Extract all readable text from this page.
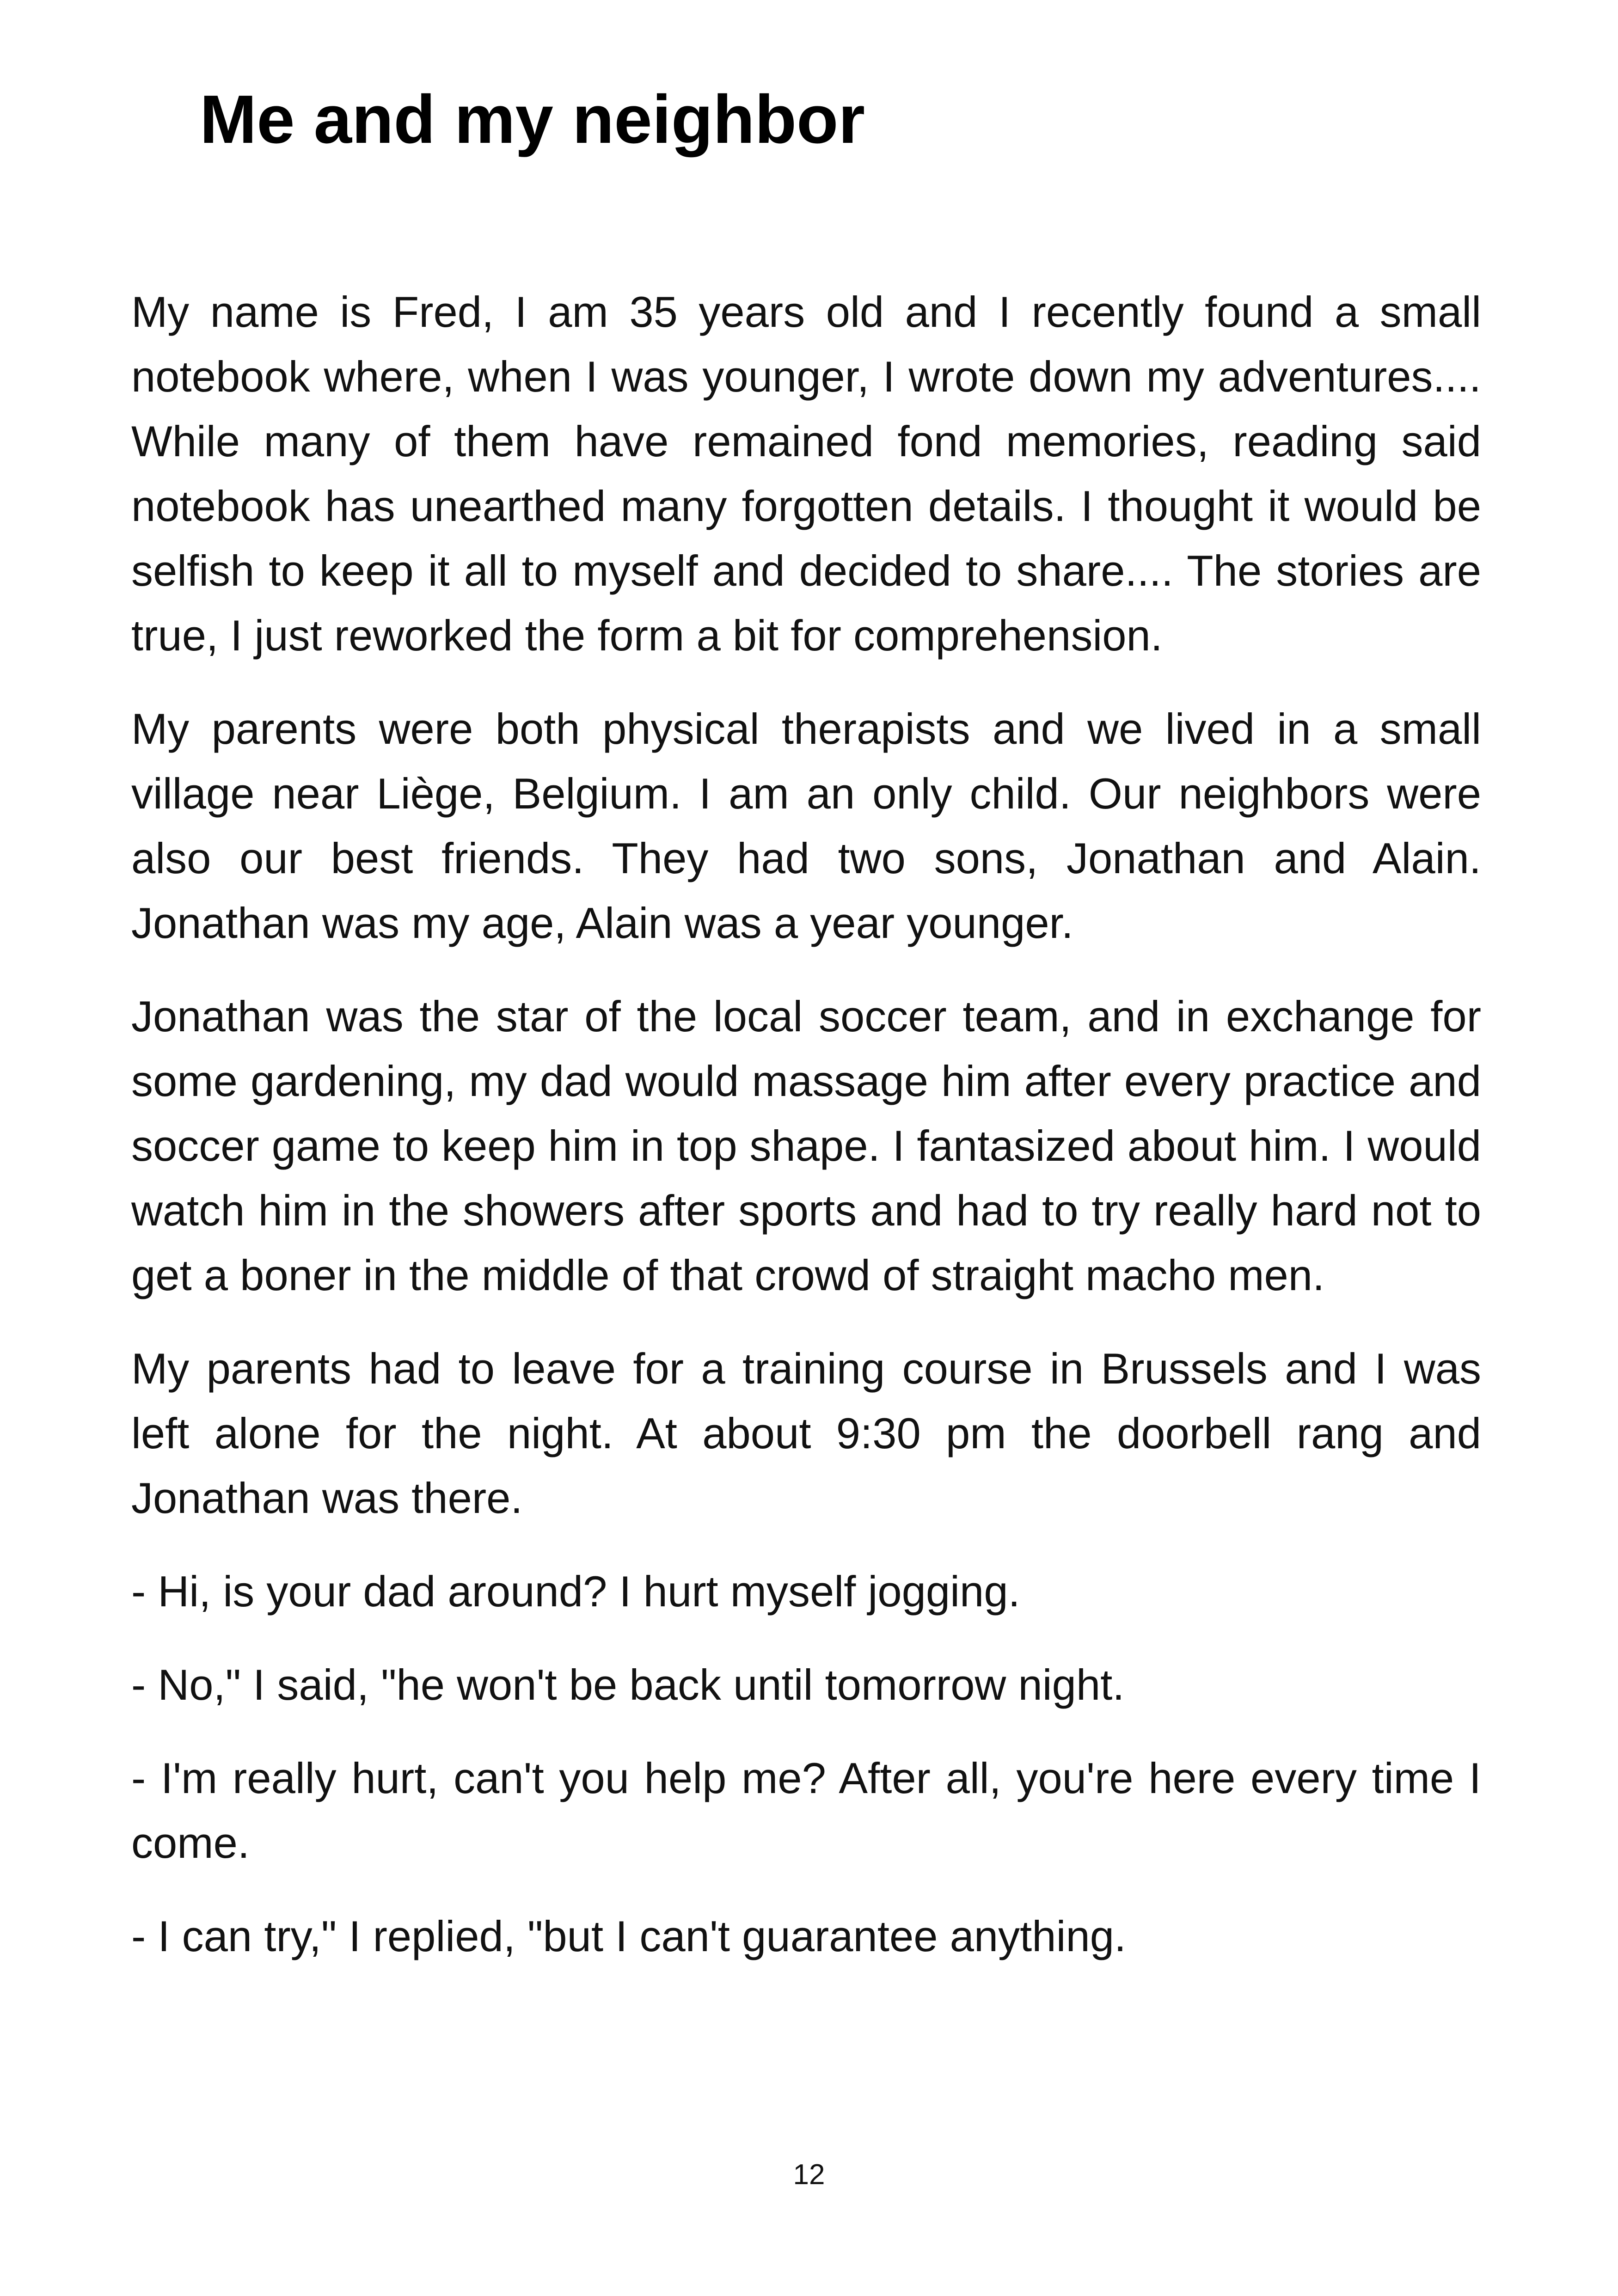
Me and my neighbor

My name is Fred, I am 35 years old and I recently found a small notebook where, when I was younger, I wrote down my adventures.... While many of them have remained fond memories, reading said notebook has unearthed many forgotten details. I thought it would be selfish to keep it all to myself and decided to share.... The stories are true, I just reworked the form a bit for comprehension.

My parents were both physical therapists and we lived in a small village near Liège, Belgium. I am an only child. Our neighbors were also our best friends. They had two sons, Jonathan and Alain. Jonathan was my age, Alain was a year younger.

Jonathan was the star of the local soccer team, and in exchange for some gardening, my dad would massage him after every practice and soccer game to keep him in top shape. I fantasized about him. I would watch him in the showers after sports and had to try really hard not to get a boner in the middle of that crowd of straight macho men.

My parents had to leave for a training course in Brussels and I was left alone for the night. At about 9:30 pm the doorbell rang and Jonathan was there.

- Hi, is your dad around? I hurt myself jogging.

- No," I said, "he won't be back until tomorrow night.

- I'm really hurt, can't you help me? After all, you're here every time I come.

- I can try," I replied, "but I can't guarantee anything.

12
